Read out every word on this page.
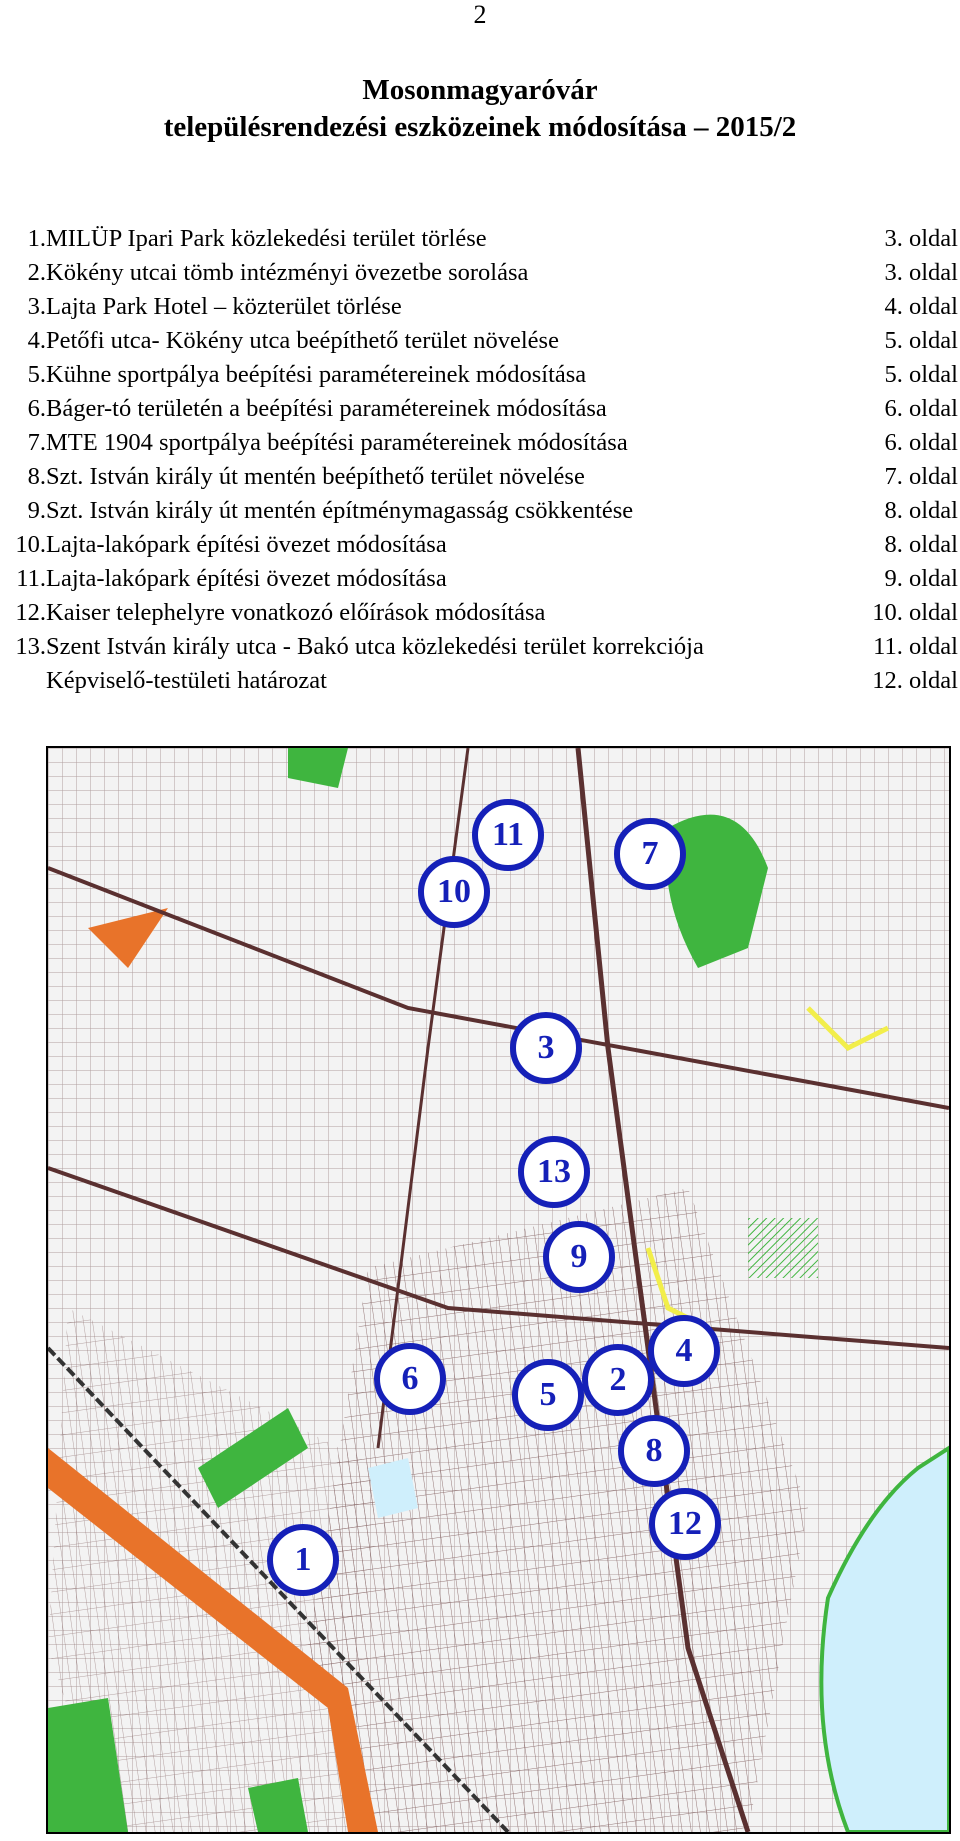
2
Mosonmagyaróvár
településrendezési eszközeinek módosítása – 2015/2
1. MILÜP Ipari Park közlekedési terület törlése	3. oldal
2. Kökény utcai tömb intézményi övezetbe sorolása	3. oldal
3. Lajta Park Hotel – közterület törlése	4. oldal
4. Petőfi utca- Kökény utca beépíthető terület növelése	5. oldal
5. Kühne sportpálya beépítési paramétereinek módosítása	5. oldal
6. Báger-tó területén a beépítési paramétereinek módosítása	6. oldal
7. MTE 1904 sportpálya beépítési paramétereinek módosítása	6. oldal
8. Szt. István király út mentén beépíthető terület növelése	7. oldal
9. Szt. István király út mentén építménymagasság csökkentése	8. oldal
10. Lajta-lakópark építési övezet módosítása	8. oldal
11. Lajta-lakópark építési övezet módosítása	9. oldal
12. Kaiser telephelyre vonatkozó előírások módosítása	10. oldal
13. Szent István király utca - Bakó utca közlekedési terület korrekciója	11. oldal
Képviselő-testületi határozat	12. oldal
1
2
3
4
5
6
7
8
9
10
11
12
13
